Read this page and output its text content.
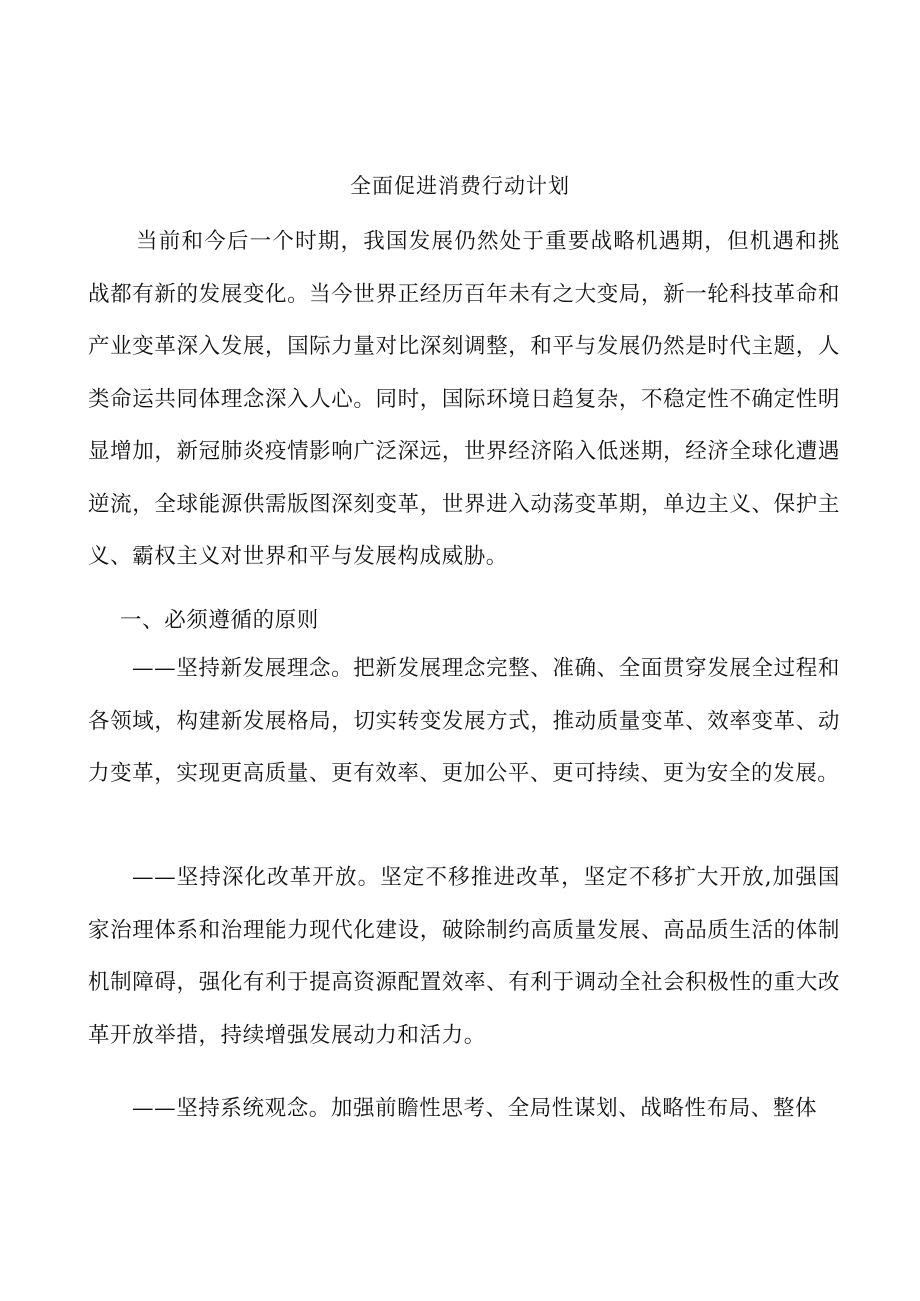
全面促进消费行动计划

当前和今后一个时期，我国发展仍然处于重要战略机遇期，但机遇和挑战都有新的发展变化。当今世界正经历百年未有之大变局，新一轮科技革命和产业变革深入发展，国际力量对比深刻调整，和平与发展仍然是时代主题，人类命运共同体理念深入人心。同时，国际环境日趋复杂，不稳定性不确定性明显增加，新冠肺炎疫情影响广泛深远，世界经济陷入低迷期，经济全球化遭遇逆流，全球能源供需版图深刻变革，世界进入动荡变革期，单边主义、保护主义、霸权主义对世界和平与发展构成威胁。

一、必须遵循的原则

——坚持新发展理念。把新发展理念完整、准确、全面贯穿发展全过程和各领域，构建新发展格局，切实转变发展方式，推动质量变革、效率变革、动力变革，实现更高质量、更有效率、更加公平、更可持续、更为安全的发展。

——坚持深化改革开放。坚定不移推进改革，坚定不移扩大开放,加强国家治理体系和治理能力现代化建设，破除制约高质量发展、高品质生活的体制机制障碍，强化有利于提高资源配置效率、有利于调动全社会积极性的重大改革开放举措，持续增强发展动力和活力。

——坚持系统观念。加强前瞻性思考、全局性谋划、战略性布局、整体
